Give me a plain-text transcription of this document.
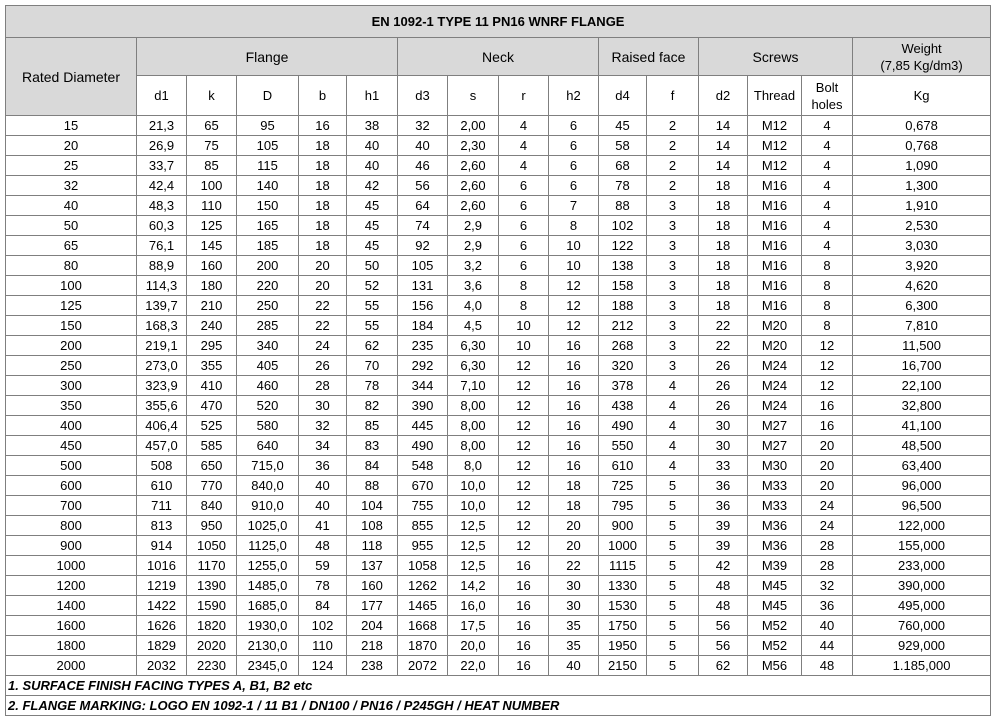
EN 1092-1 TYPE 11 PN16 WNRF FLANGE															
Rated Diameter	Flange					Neck				Raised face		Screws			Weight
(7,85 Kg/dm3)
	d1	k	D	b	h1	d3	s	r	h2	d4	f	d2	Thread	Bolt
holes	Kg
15	21,3	65	95	16	38	32	2,00	4	6	45	2	14	M12	4	0,678
20	26,9	75	105	18	40	40	2,30	4	6	58	2	14	M12	4	0,768
25	33,7	85	115	18	40	46	2,60	4	6	68	2	14	M12	4	1,090
32	42,4	100	140	18	42	56	2,60	6	6	78	2	18	M16	4	1,300
40	48,3	110	150	18	45	64	2,60	6	7	88	3	18	M16	4	1,910
50	60,3	125	165	18	45	74	2,9	6	8	102	3	18	M16	4	2,530
65	76,1	145	185	18	45	92	2,9	6	10	122	3	18	M16	4	3,030
80	88,9	160	200	20	50	105	3,2	6	10	138	3	18	M16	8	3,920
100	114,3	180	220	20	52	131	3,6	8	12	158	3	18	M16	8	4,620
125	139,7	210	250	22	55	156	4,0	8	12	188	3	18	M16	8	6,300
150	168,3	240	285	22	55	184	4,5	10	12	212	3	22	M20	8	7,810
200	219,1	295	340	24	62	235	6,30	10	16	268	3	22	M20	12	11,500
250	273,0	355	405	26	70	292	6,30	12	16	320	3	26	M24	12	16,700
300	323,9	410	460	28	78	344	7,10	12	16	378	4	26	M24	12	22,100
350	355,6	470	520	30	82	390	8,00	12	16	438	4	26	M24	16	32,800
400	406,4	525	580	32	85	445	8,00	12	16	490	4	30	M27	16	41,100
450	457,0	585	640	34	83	490	8,00	12	16	550	4	30	M27	20	48,500
500	508	650	715,0	36	84	548	8,0	12	16	610	4	33	M30	20	63,400
600	610	770	840,0	40	88	670	10,0	12	18	725	5	36	M33	20	96,000
700	711	840	910,0	40	104	755	10,0	12	18	795	5	36	M33	24	96,500
800	813	950	1025,0	41	108	855	12,5	12	20	900	5	39	M36	24	122,000
900	914	1050	1125,0	48	118	955	12,5	12	20	1000	5	39	M36	28	155,000
1000	1016	1170	1255,0	59	137	1058	12,5	16	22	1115	5	42	M39	28	233,000
1200	1219	1390	1485,0	78	160	1262	14,2	16	30	1330	5	48	M45	32	390,000
1400	1422	1590	1685,0	84	177	1465	16,0	16	30	1530	5	48	M45	36	495,000
1600	1626	1820	1930,0	102	204	1668	17,5	16	35	1750	5	56	M52	40	760,000
1800	1829	2020	2130,0	110	218	1870	20,0	16	35	1950	5	56	M52	44	929,000
2000	2032	2230	2345,0	124	238	2072	22,0	16	40	2150	5	62	M56	48	1.185,000
1. SURFACE FINISH FACING TYPES A, B1, B2 etc															
2. FLANGE MARKING: LOGO EN 1092-1 / 11 B1 / DN100 / PN16 / P245GH / HEAT NUMBER															
